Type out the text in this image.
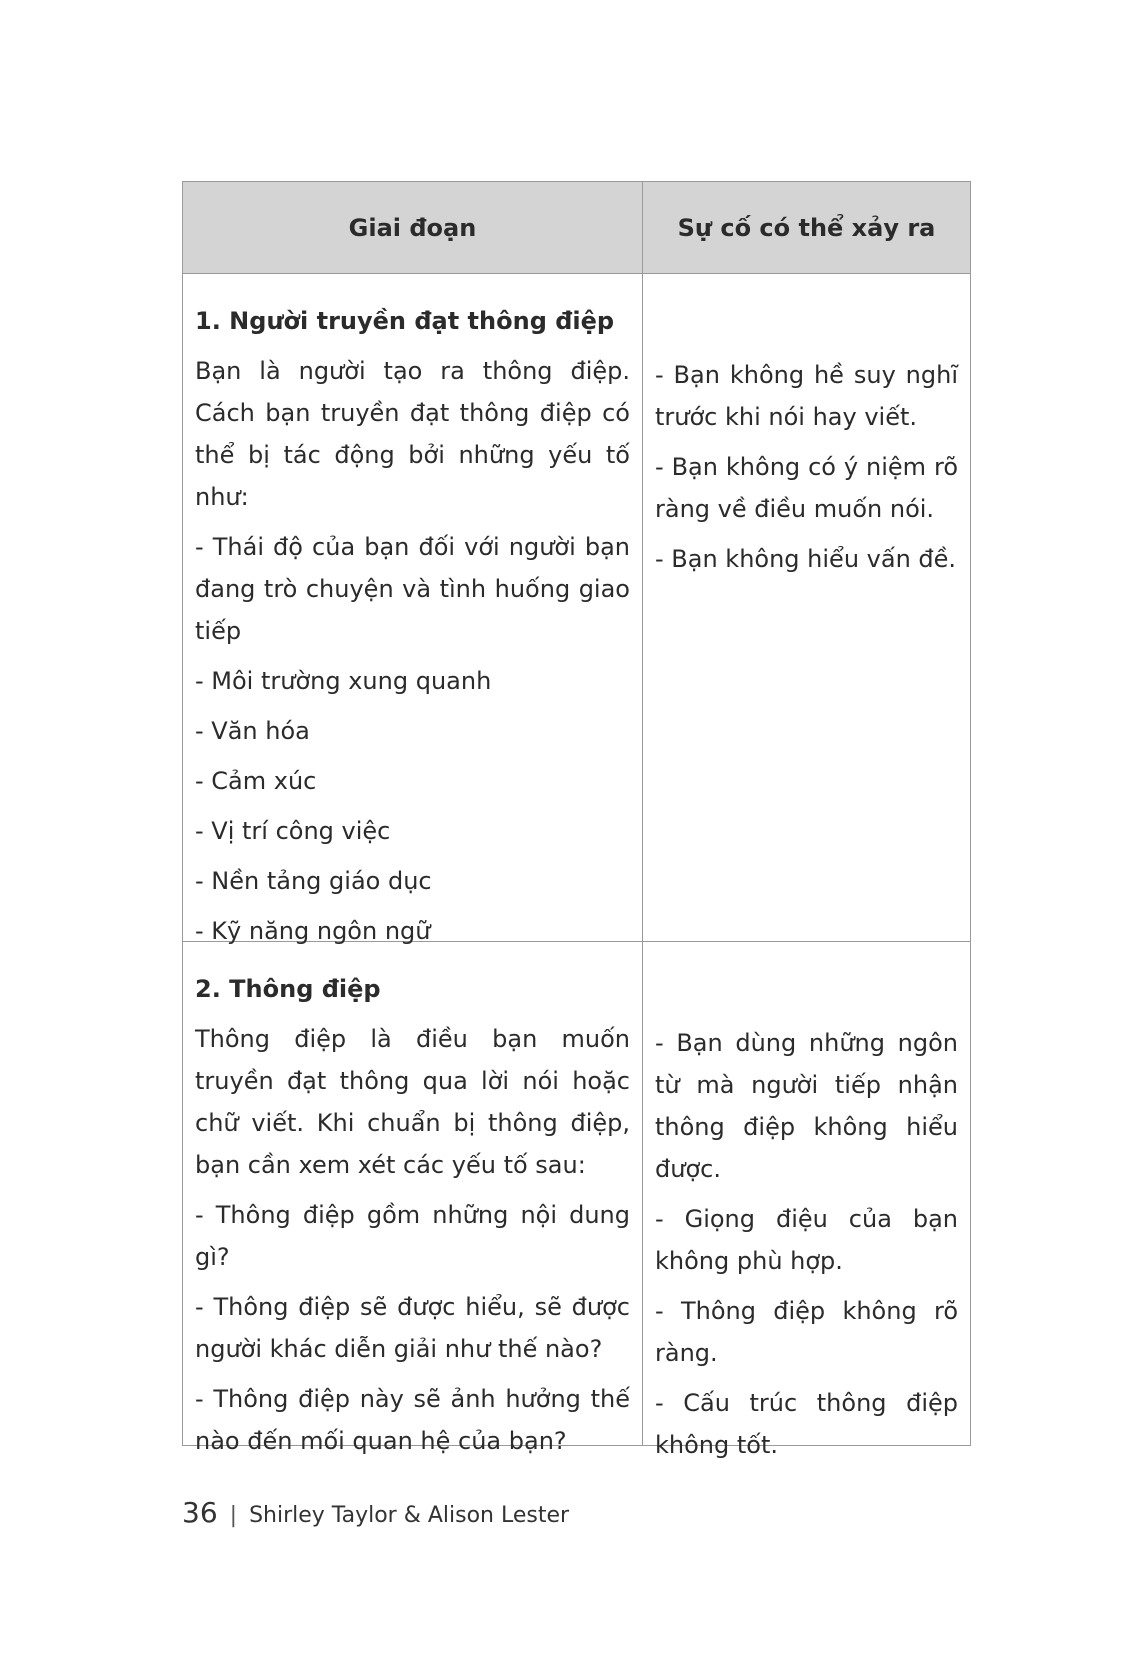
Giai đoạn	Sự cố có thể xảy ra
1. Người truyền đạt thông điệp

Bạn là người tạo ra thông điệp. Cách bạn truyền đạt thông điệp có thể bị tác động bởi những yếu tố như:

- Thái độ của bạn đối với người bạn đang trò chuyện và tình huống giao tiếp
- Môi trường xung quanh
- Văn hóa
- Cảm xúc
- Vị trí công việc
- Nền tảng giáo dục
- Kỹ năng ngôn ngữ
- Bạn không hề suy nghĩ trước khi nói hay viết.
- Bạn không có ý niệm rõ ràng về điều muốn nói.
- Bạn không hiểu vấn đề.
2. Thông điệp

Thông điệp là điều bạn muốn truyền đạt thông qua lời nói hoặc chữ viết. Khi chuẩn bị thông điệp, bạn cần xem xét các yếu tố sau:

- Thông điệp gồm những nội dung gì?
- Thông điệp sẽ được hiểu, sẽ được người khác diễn giải như thế nào?
- Thông điệp này sẽ ảnh hưởng thế nào đến mối quan hệ của bạn?
- Bạn dùng những ngôn từ mà người tiếp nhận thông điệp không hiểu được.
- Giọng điệu của bạn không phù hợp.
- Thông điệp không rõ ràng.
- Cấu trúc thông điệp không tốt.
36 | Shirley Taylor & Alison Lester
